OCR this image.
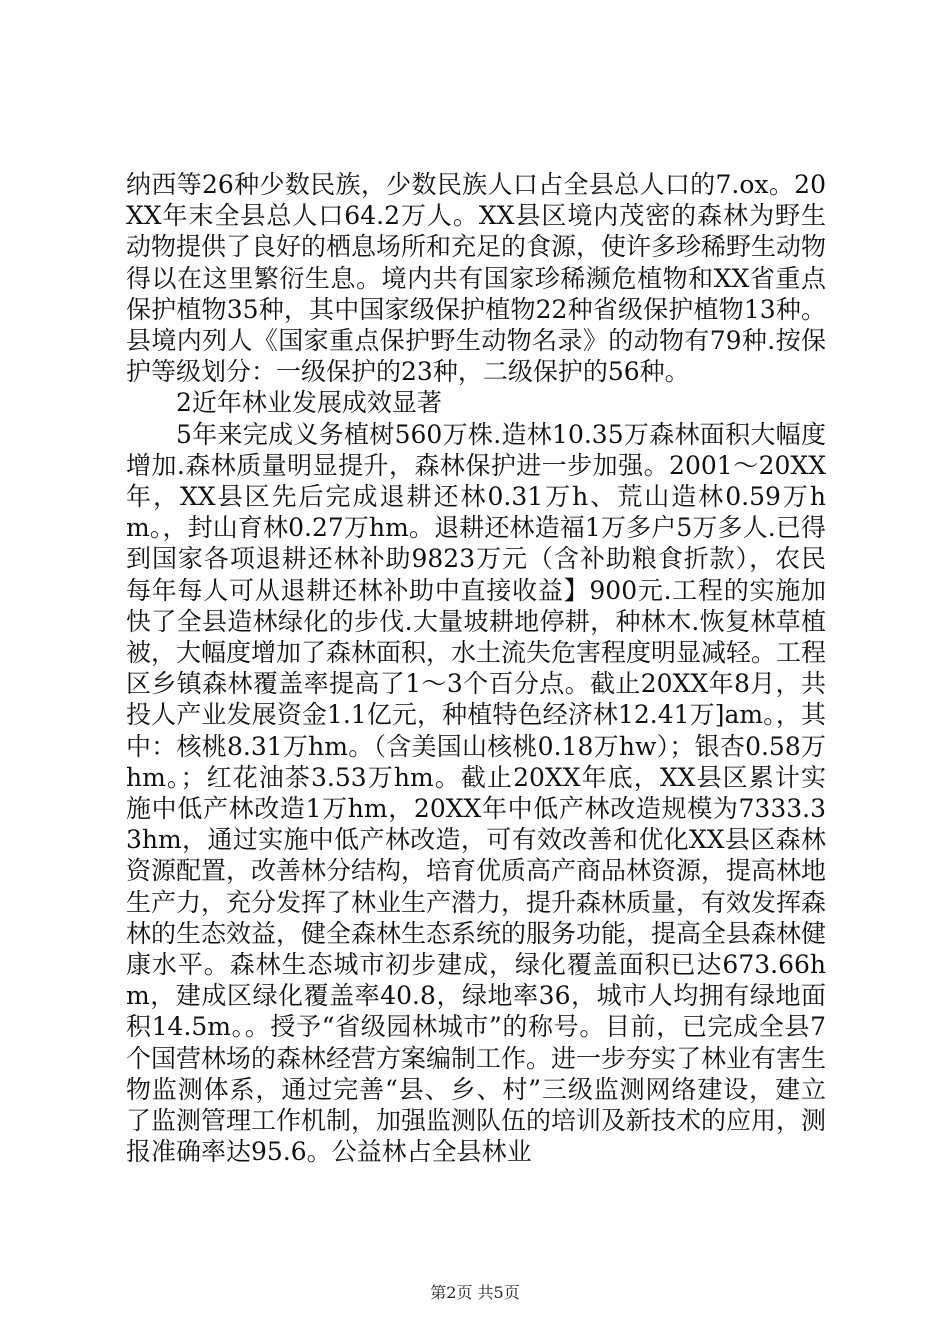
纳西等26种少数民族，少数民族人口占全县总人口的7.ox。20XX年末全县总人口64.2万人。XX县区境内茂密的森林为野生动物提供了良好的栖息场所和充足的食源，使许多珍稀野生动物得以在这里繁衍生息。境内共有国家珍稀濒危植物和XX省重点保护植物35种，其中国家级保护植物22种省级保护植物13种。县境内列人《国家重点保护野生动物名录》的动物有79种.按保护等级划分：一级保护的23种，二级保护的56种。

2近年林业发展成效显著

5年来完成义务植树560万株.造林10.35万森林面积大幅度增加.森林质量明显提升，森林保护进一步加强。2001～20XX年，XX县区先后完成退耕还林0.31万h、荒山造林0.59万hm。，封山育林0.27万hm。退耕还林造福1万多户5万多人.已得到国家各项退耕还林补助9823万元（含补助粮食折款），农民每年每人可从退耕还林补助中直接收益】900元.工程的实施加快了全县造林绿化的步伐.大量坡耕地停耕，种林木.恢复林草植被，大幅度增加了森林面积，水土流失危害程度明显减轻。工程区乡镇森林覆盖率提高了1～3个百分点。截止20XX年8月，共投人产业发展资金1.1亿元，种植特色经济林12.41万]am。，其中：核桃8.31万hm。（含美国山核桃0.18万hw）；银杏0.58万hm。；红花油茶3.53万hm。截止20XX年底，XX县区累计实施中低产林改造1万hm，20XX年中低产林改造规模为7333.33hm，通过实施中低产林改造，可有效改善和优化XX县区森林资源配置，改善林分结构，培育优质高产商品林资源，提高林地生产力，充分发挥了林业生产潜力，提升森林质量，有效发挥森林的生态效益，健全森林生态系统的服务功能，提高全县森林健康水平。森林生态城市初步建成，绿化覆盖面积已达673.66hm，建成区绿化覆盖率40.8，绿地率36，城市人均拥有绿地面积14.5m。。授予“省级园林城市”的称号。目前，已完成全县7个国营林场的森林经营方案编制工作。进一步夯实了林业有害生物监测体系，通过完善“县、乡、村”三级监测网络建设，建立了监测管理工作机制，加强监测队伍的培训及新技术的应用，测报准确率达95.6。公益林占全县林业

第2页 共5页
